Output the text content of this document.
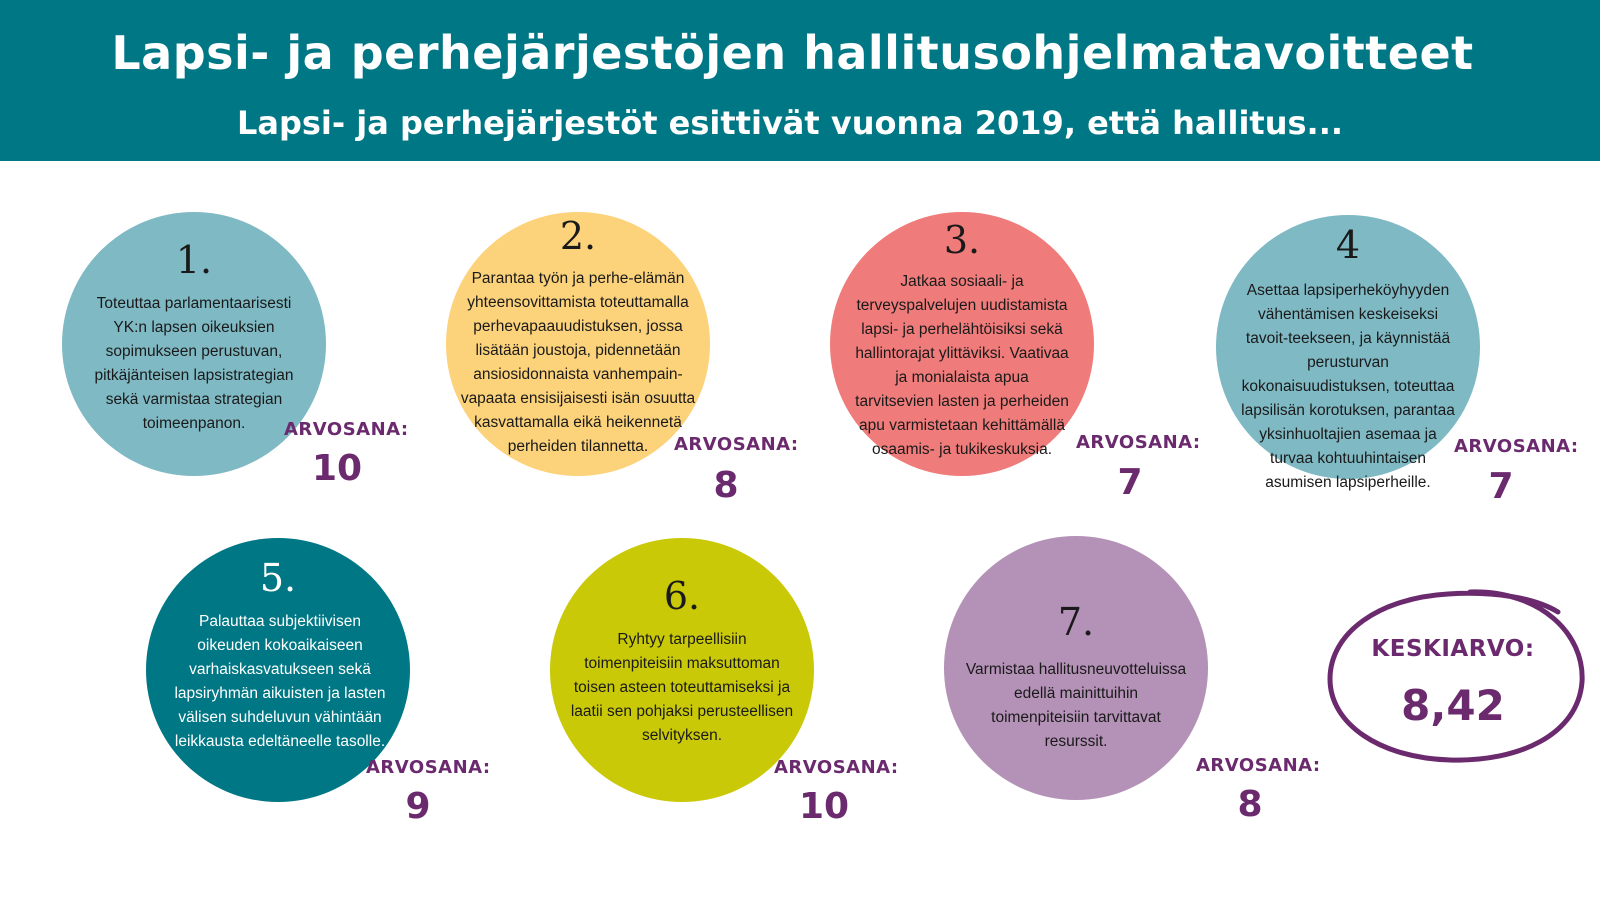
Lapsi- ja perhejärjestöjen hallitusohjelmatavoitteet
Lapsi- ja perhejärjestöt esittivät vuonna 2019, että hallitus...
1.
Toteuttaa parlamentaarisesti YK:n lapsen oikeuksien sopimukseen perustuvan, pitkäjänteisen lapsistrategian sekä varmistaa strategian toimeenpanon.	ARVOSANA:
10
2.
Parantaa työn ja perhe-elämän yhteensovittamista toteuttamalla perhevapaauudistuksen, jossa lisätään joustoja, pidennetään ansiosidonnaista vanhempain-vapaata ensisijaisesti isän osuutta kasvattamalla eikä heikennetä perheiden tilannetta.	ARVOSANA:
8
3.
Jatkaa sosiaali- ja terveyspalvelujen uudistamista lapsi- ja perhelähtöisiksi sekä hallintorajat ylittäviksi. Vaativaa ja monialaista apua tarvitsevien lasten ja perheiden apu varmistetaan kehittämällä osaamis- ja tukikeskuksia.	ARVOSANA:
7
4
Asettaa lapsiperheköyhyyden vähentämisen keskeiseksi tavoit-teekseen, ja käynnistää perusturvan kokonaisuudistuksen, toteuttaa lapsilisän korotuksen, parantaa yksinhuoltajien asemaa ja turvaa kohtuuhintaisen asumisen lapsiperheille.
ARVOSANA:
7
5.
Palauttaa subjektiivisen oikeuden kokoaikaiseen varhaiskasvatukseen sekä lapsiryhmän aikuisten ja lasten välisen suhdeluvun vähintään leikkausta edeltäneelle tasolle.
ARVOSANA:
9
6.
Ryhtyy tarpeellisiin toimenpiteisiin maksuttoman toisen asteen toteuttamiseksi ja laatii sen pohjaksi perusteellisen selvityksen.
ARVOSANA:
10
7.
Varmistaa hallitusneuvotteluissa edellä mainittuihin toimenpiteisiin tarvittavat resurssit.
ARVOSANA:
8
KESKIARVO:
8,42
